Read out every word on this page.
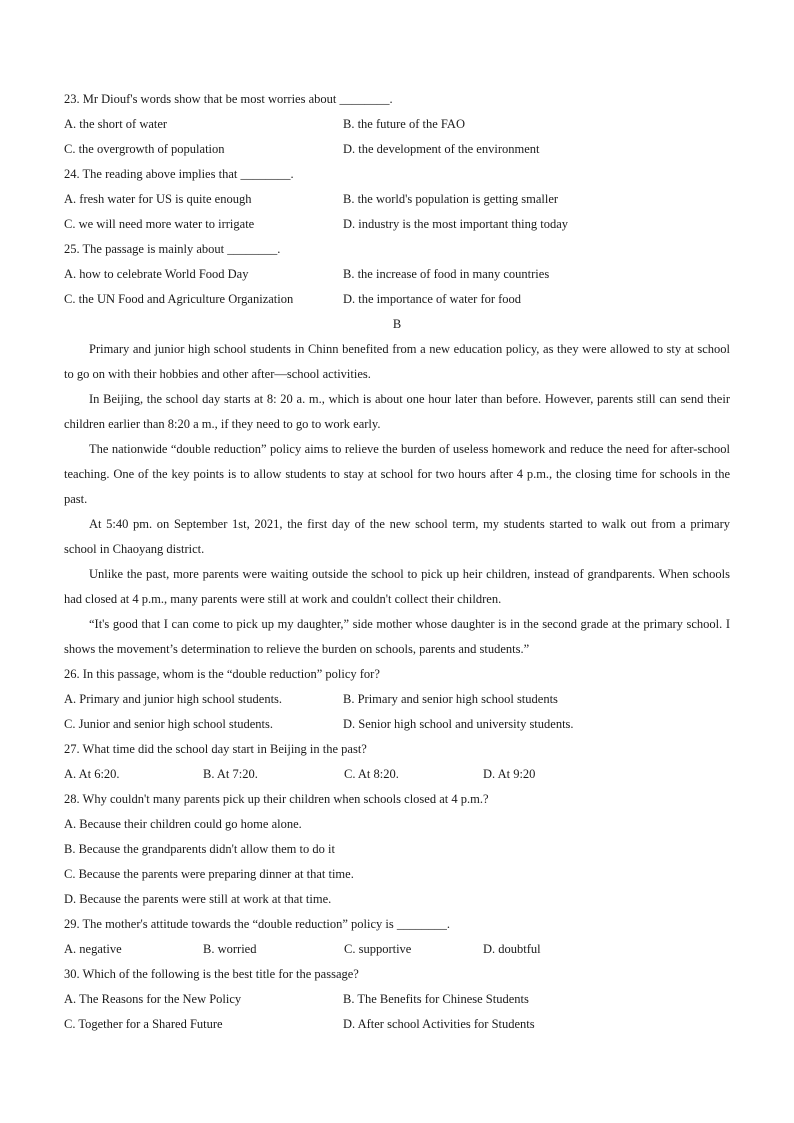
23. Mr Diouf's words show that be most worries about ________.
A. the short of water	B. the future of the FAO
C. the overgrowth of population	D. the development of the environment
24. The reading above implies that ________.
A. fresh water for US is quite enough	B. the world's population is getting smaller
C. we will need more water to irrigate	D. industry is the most important thing today
25. The passage is mainly about ________.
A. how to celebrate World Food Day	B. the increase of food in many countries
C. the UN Food and Agriculture Organization	D. the importance of water for food
B

Primary and junior high school students in Chinn benefited from a new education policy, as they were allowed to sty at school to go on with their hobbies and other after—school activities.

In Beijing, the school day starts at 8: 20 a. m., which is about one hour later than before. However, parents still can send their children earlier than 8:20 a m., if they need to go to work early.

The nationwide “double reduction” policy aims to relieve the burden of useless homework and reduce the need for after-school teaching. One of the key points is to allow students to stay at school for two hours after 4 p.m., the closing time for schools in the past.

At 5:40 pm. on September 1st, 2021, the first day of the new school term, my students started to walk out from a primary school in Chaoyang district.

Unlike the past, more parents were waiting outside the school to pick up heir children, instead of grandparents. When schools had closed at 4 p.m., many parents were still at work and couldn't collect their children.

“It's good that I can come to pick up my daughter,” side mother whose daughter is in the second grade at the primary school. I shows the movement’s determination to relieve the burden on schools, parents and students.”

26. In this passage, whom is the “double reduction” policy for?
A. Primary and junior high school students.	B. Primary and senior high school students
C. Junior and senior high school students.	D. Senior high school and university students.
27. What time did the school day start in Beijing in the past?
A. At 6:20.	B. At 7:20.	C. At 8:20.	D. At 9:20
28. Why couldn't many parents pick up their children when schools closed at 4 p.m.?
A. Because their children could go home alone.
B. Because the grandparents didn't allow them to do it
C. Because the parents were preparing dinner at that time.
D. Because the parents were still at work at that time.
29. The mother's attitude towards the “double reduction” policy is ________.
A. negative	B. worried	C. supportive	D. doubtful
30. Which of the following is the best title for the passage?
A. The Reasons for the New Policy	B. The Benefits for Chinese Students
C. Together for a Shared Future	D. After school Activities for Students
